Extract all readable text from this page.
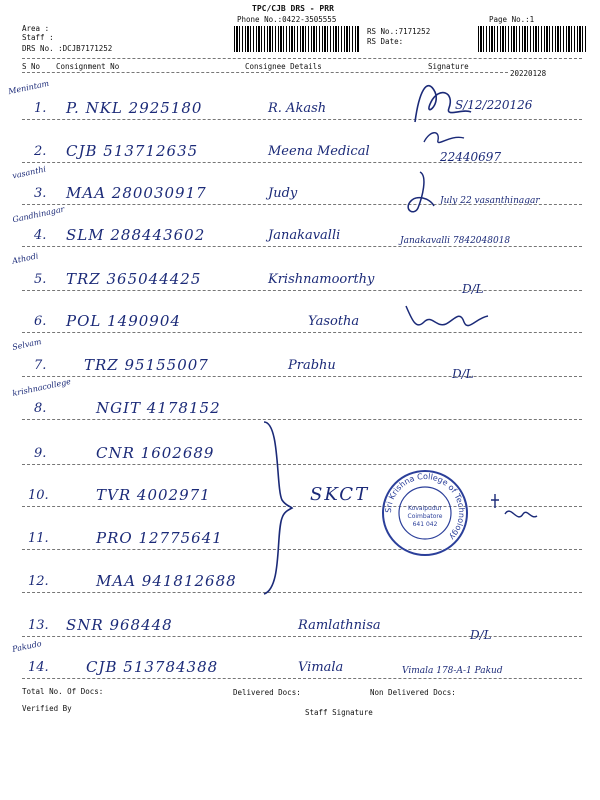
TPC/CJB DRS - PRR
Phone No.:0422-3505555	Page No.:1
Area :
Staff :
DRS No. :DCJB7171252
RS No.:7171252
RS Date:
S No Consignment No	Consignee Details	Signature
20220128
Menintam
1. P. NKL 2925180	R. Akash	S/12/220126
2. CJB 513712635	Meena Medical	22440697
vasanthi
3. MAA 280030917	Judy	July 22 vasanthinagar
Gandhinagar
4. SLM 288443602	Janakavalli	Janakavalli 7842048018
Athodi
5. TRZ 365044425	Krishnamoorthy
D/L
6. POL 1490904	Yasotha
Selvam
7.	TRZ 95155007	Prabhu
D/L
krishnacollege
8.	NGIT 4178152
9.	CNR 1602689
10.	TVR 4002971
11.	PRO 12775641
12.	MAA 941812688
13. SNR 968448	Ramlathnisa
D/L
Pakudo
14. CJB 513784388	Vimala	Vimala 178-A-1 Pakud
SKCT
Sri Krishna College of Technology
Kovaipudur
Coimbatore
641 042
Total No. Of Docs:	Delivered Docs:	Non Delivered Docs:
Verified By	Staff Signature
